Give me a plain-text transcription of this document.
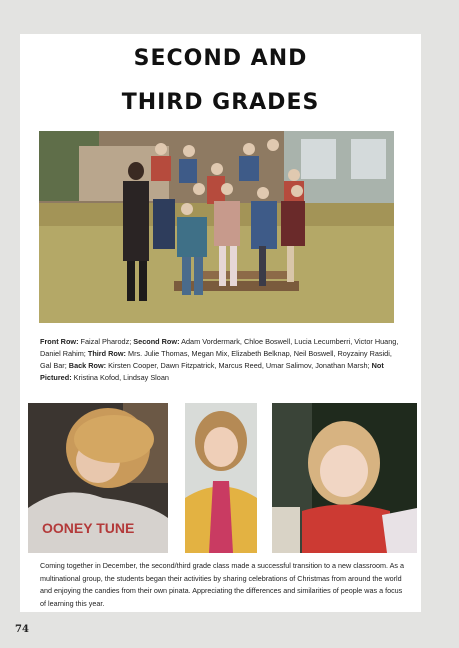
SECOND AND
THIRD GRADES
Front Row: Faizal Pharodz; Second Row: Adam Vordermark, Chloe Boswell, Lucia Lecumberri, Victor Huang, Daniel Rahim; Third Row: Mrs. Julie Thomas, Megan Mix, Elizabeth Belknap, Neil Boswell, Royzainy Rasidi, Gal Bar; Back Row: Kirsten Cooper, Dawn Fitzpatrick, Marcus Reed, Umar Salimov, Jonathan Marsh; Not Pictured: Kristina Kofod, Lindsay Sloan
OONEY TUNE
Coming together in December, the second/third grade class made a successful transition to a new classroom. As a multinational group, the students began their activities by sharing celebrations of Christmas from around the world and enjoying the candies from their own pinata. Appreciating the differences and similarities of people was a focus of learning this year.
74
